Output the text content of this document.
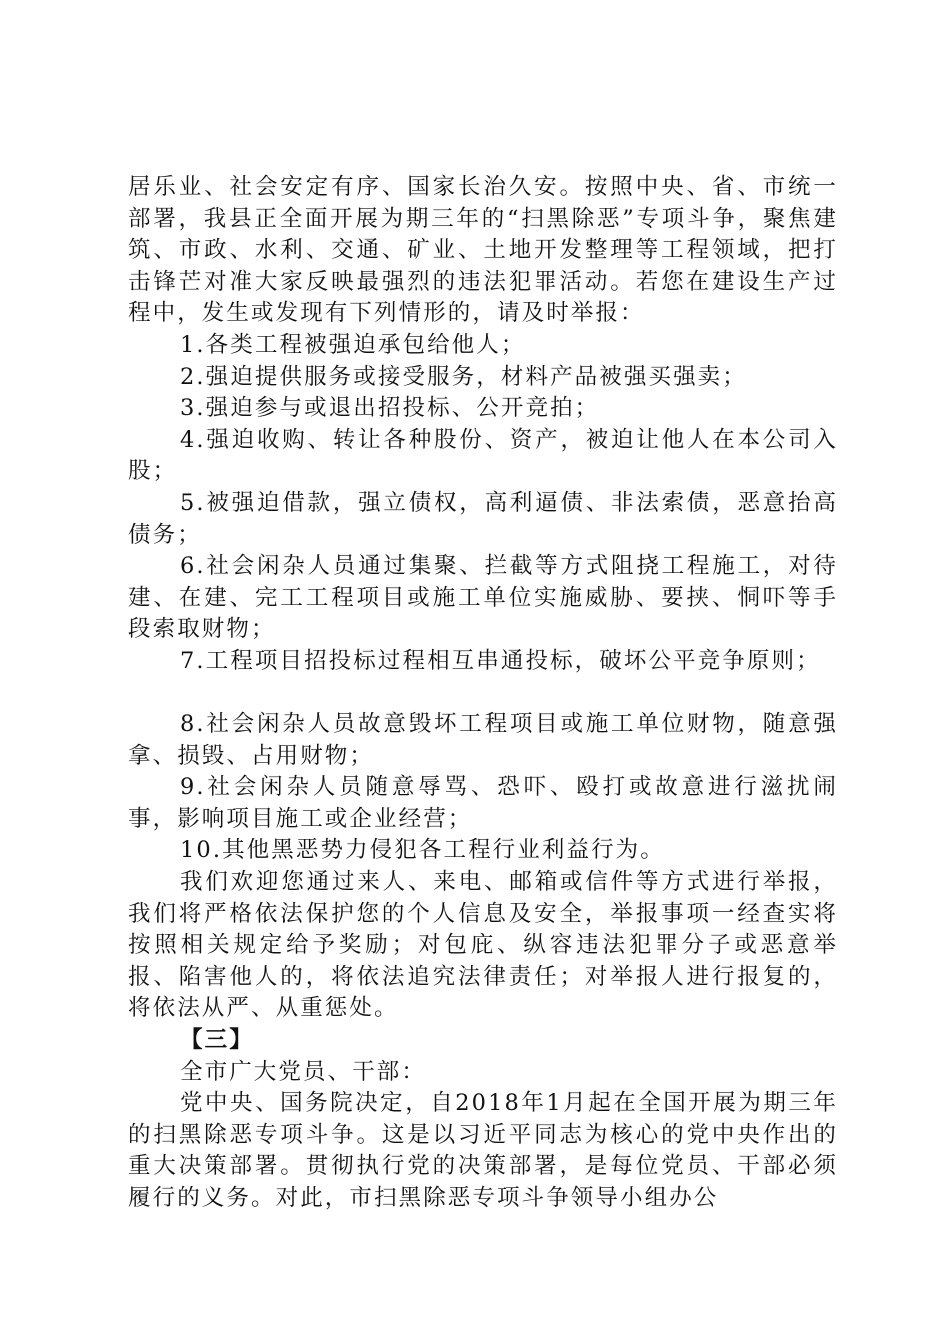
居乐业、社会安定有序、国家长治久安。按照中央、省、市统一部署，我县正全面开展为期三年的“扫黑除恶”专项斗争，聚焦建筑、市政、水利、交通、矿业、土地开发整理等工程领域，把打击锋芒对准大家反映最强烈的违法犯罪活动。若您在建设生产过程中，发生或发现有下列情形的，请及时举报：

1.各类工程被强迫承包给他人；

2.强迫提供服务或接受服务，材料产品被强买强卖；

3.强迫参与或退出招投标、公开竞拍；

4.强迫收购、转让各种股份、资产，被迫让他人在本公司入股；

5.被强迫借款，强立债权，高利逼债、非法索债，恶意抬高债务；

6.社会闲杂人员通过集聚、拦截等方式阻挠工程施工，对待建、在建、完工工程项目或施工单位实施威胁、要挟、恫吓等手段索取财物；

7.工程项目招投标过程相互串通投标，破坏公平竞争原则；

8.社会闲杂人员故意毁坏工程项目或施工单位财物，随意强拿、损毁、占用财物；

9.社会闲杂人员随意辱骂、恐吓、殴打或故意进行滋扰闹事，影响项目施工或企业经营；

10.其他黑恶势力侵犯各工程行业利益行为。

我们欢迎您通过来人、来电、邮箱或信件等方式进行举报，我们将严格依法保护您的个人信息及安全，举报事项一经查实将按照相关规定给予奖励；对包庇、纵容违法犯罪分子或恶意举报、陷害他人的，将依法追究法律责任；对举报人进行报复的，将依法从严、从重惩处。

【三】

全市广大党员、干部：

党中央、国务院决定，自2018年1月起在全国开展为期三年的扫黑除恶专项斗争。这是以习近平同志为核心的党中央作出的重大决策部署。贯彻执行党的决策部署，是每位党员、干部必须履行的义务。对此，市扫黑除恶专项斗争领导小组办公
